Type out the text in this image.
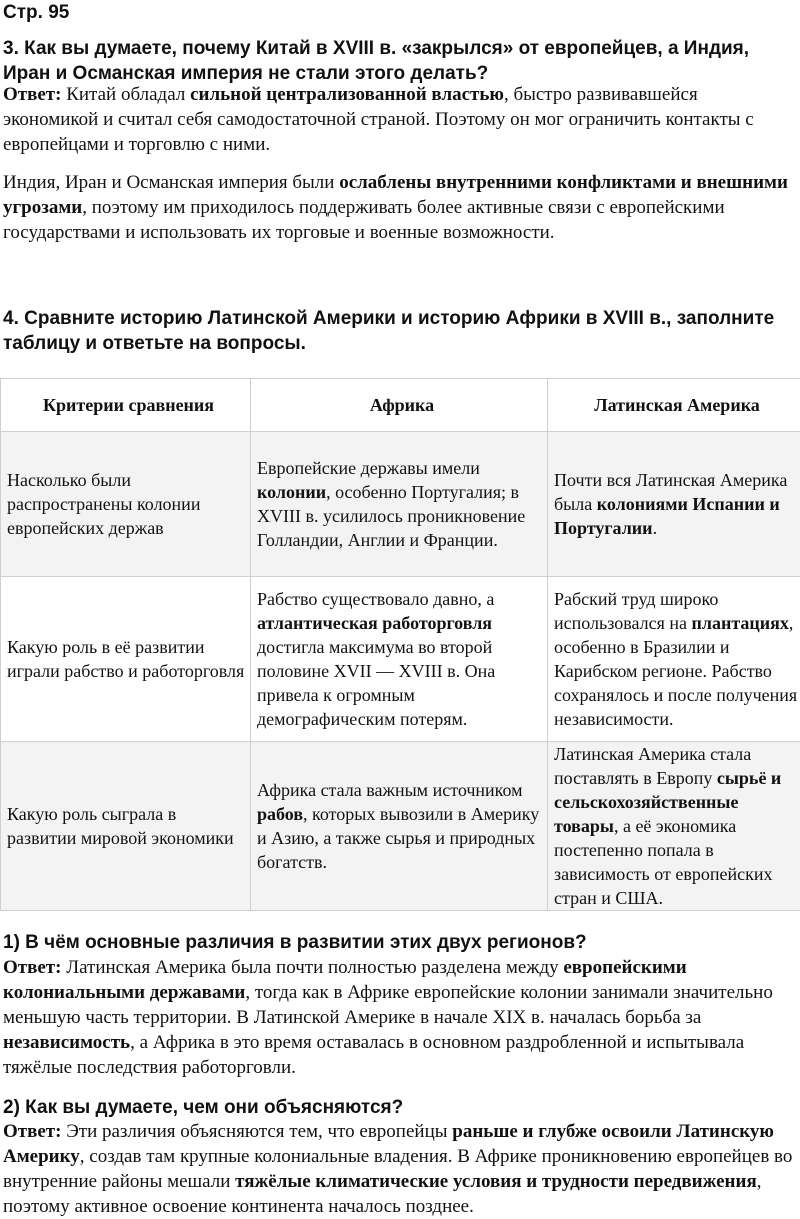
Стр. 95

3. Как вы думаете, почему Китай в XVIII в. «закрылся» от европейцев, а Индия, Иран и Османская империя не стали этого делать?

Ответ: Китай обладал сильной централизованной властью, быстро развивавшейся экономикой и считал себя самодостаточной страной. Поэтому он мог ограничить контакты с европейцами и торговлю с ними.

Индия, Иран и Османская империя были ослаблены внутренними конфликтами и внешними угрозами, поэтому им приходилось поддерживать более активные связи с европейскими государствами и использовать их торговые и военные возможности.

4. Сравните историю Латинской Америки и историю Африки в XVIII в., заполните таблицу и ответьте на вопросы.

Критерии сравнения	Африка	Латинская Америка
Насколько были распространены колонии европейских держав	Европейские державы имели колонии, особенно Португалия; в XVIII в. усилилось проникновение Голландии, Англии и Франции.	Почти вся Латинская Америка была колониями Испании и Португалии.
Какую роль в её развитии играли рабство и работорговля	Рабство существовало давно, а атлантическая работорговля достигла максимума во второй половине XVII — XVIII в. Она привела к огромным демографическим потерям.	Рабский труд широко использовался на плантациях, особенно в Бразилии и Карибском регионе. Рабство сохранялось и после получения независимости.
Какую роль сыграла в развитии мировой экономики	Африка стала важным источником рабов, которых вывозили в Америку и Азию, а также сырья и природных богатств.	Латинская Америка стала поставлять в Европу сырьё и сельскохозяйственные товары, а её экономика постепенно попала в зависимость от европейских стран и США.

1) В чём основные различия в развитии этих двух регионов?

Ответ: Латинская Америка была почти полностью разделена между европейскими колониальными державами, тогда как в Африке европейские колонии занимали значительно меньшую часть территории. В Латинской Америке в начале XIX в. началась борьба за независимость, а Африка в это время оставалась в основном раздробленной и испытывала тяжёлые последствия работорговли.

2) Как вы думаете, чем они объясняются?

Ответ: Эти различия объясняются тем, что европейцы раньше и глубже освоили Латинскую Америку, создав там крупные колониальные владения. В Африке проникновению европейцев во внутренние районы мешали тяжёлые климатические условия и трудности передвижения, поэтому активное освоение континента началось позднее.
